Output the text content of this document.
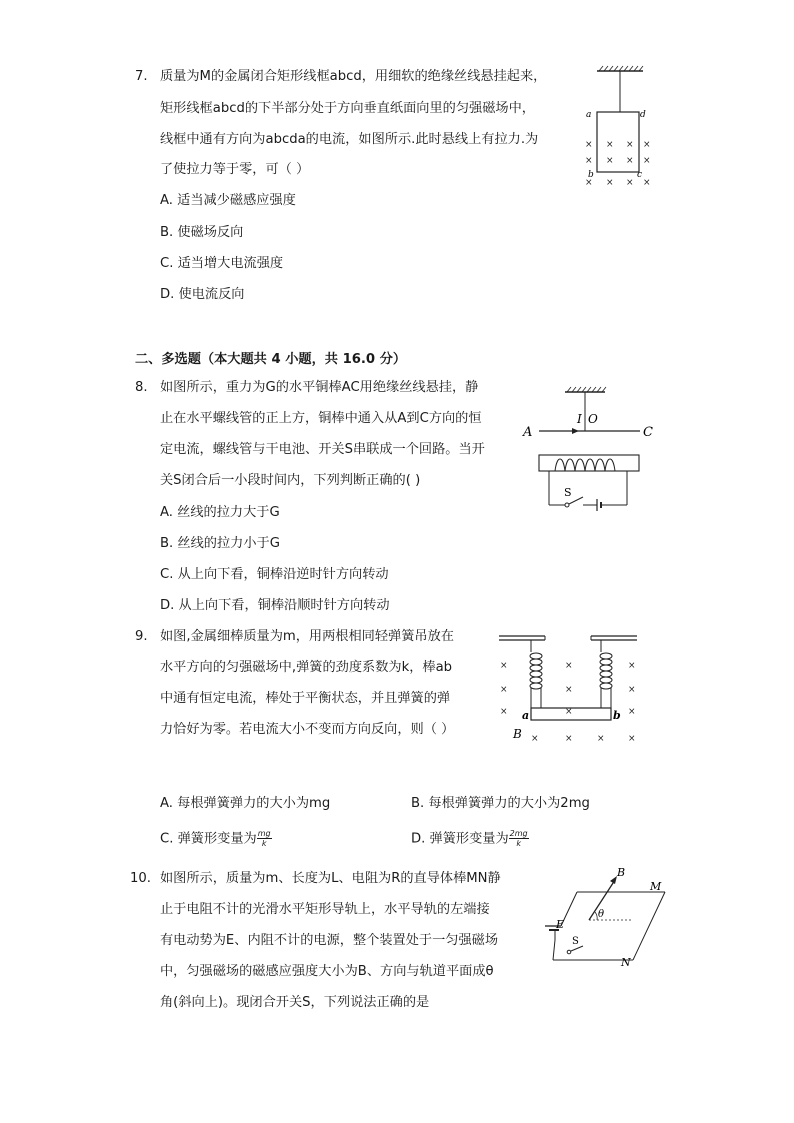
7. 质量为M的金属闭合矩形线框abcd，用细软的绝缘丝线悬挂起来，
矩形线框abcd的下半部分处于方向垂直纸面向里的匀强磁场中，
线框中通有方向为abcda的电流，如图所示.此时悬线上有拉力.为
了使拉力等于零，可（ ）
A. 适当减少磁感应强度
B. 使磁场反向
C. 适当增大电流强度
D. 使电流反向
× × × ×
× × × ×
× × × ×
a	d
b	c
二、多选题（本大题共 4 小题，共 16.0 分）
8. 如图所示，重力为G的水平铜棒AC用绝缘丝线悬挂，静
止在水平螺线管的正上方，铜棒中通入从A到C方向的恒
定电流，螺线管与干电池、开关S串联成一个回路。当开
关S闭合后一小段时间内，下列判断正确的( )
A. 丝线的拉力大于G
B. 丝线的拉力小于G
C. 从上向下看，铜棒沿逆时针方向转动
D. 从上向下看，铜棒沿顺时针方向转动
A	C
I O
S
9. 如图,金属细棒质量为m，用两根相同轻弹簧吊放在
水平方向的匀强磁场中,弹簧的劲度系数为k，棒ab
中通有恒定电流，棒处于平衡状态，并且弹簧的弹
力恰好为零。若电流大小不变而方向反向，则（ ）
×	×	×
×	×	×
×	×	×
×	×	×	×
a	b
B
A. 每根弹簧弹力的大小为mg	B. 每根弹簧弹力的大小为2mg
C. 弹簧形变量为 $\frac{mg}{k}$	D. 弹簧形变量为 $\frac{2mg}{k}$
10. 如图所示，质量为m、长度为L、电阻为R的直导体棒MN静
止于电阻不计的光滑水平矩形导轨上，水平导轨的左端接
有电动势为E、内阻不计的电源，整个装置处于一匀强磁场
中，匀强磁场的磁感应强度大小为B、方向与轨道平面成θ
角(斜向上)。现闭合开关S，下列说法正确的是
E
S
θ
B
M
N
